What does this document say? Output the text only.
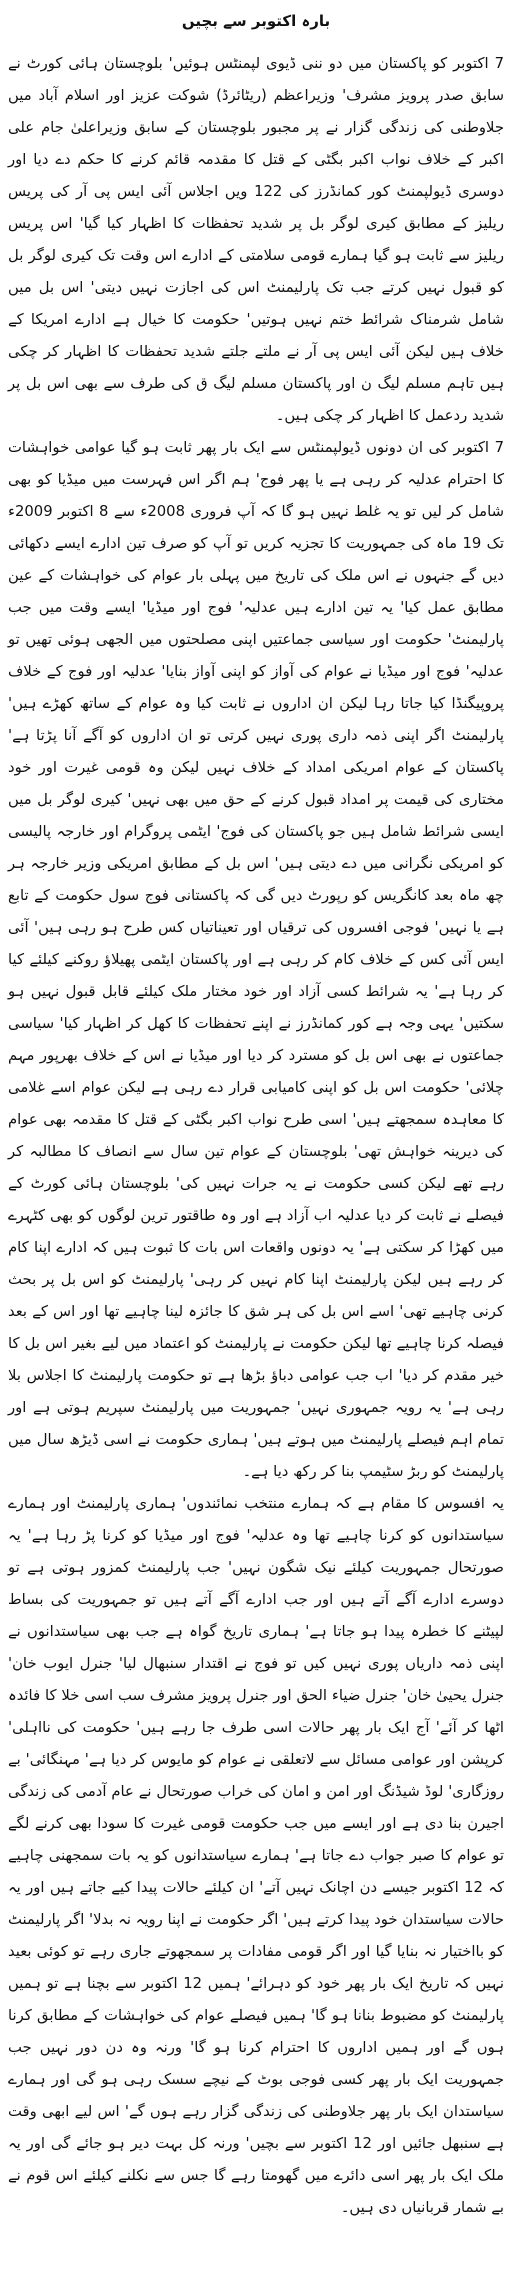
بارہ اکتوبر سے بچیں
7 اکتوبر کو پاکستان میں دو ننی ڈیوی لپمنٹس ہوئیں' بلوچستان ہائی کورٹ نے سابق صدر پرویز مشرف' وزیراعظم (ریٹائرڈ) شوکت عزیز اور اسلام آباد میں جلاوطنی کی زندگی گزار نے پر مجبور بلوچستان کے سابق وزیراعلیٰ جام علی اکبر کے خلاف نواب اکبر بگٹی کے قتل کا مقدمہ قائم کرنے کا حکم دے دیا اور دوسری ڈیولپمنٹ کور کمانڈرز کی 122 ویں اجلاس آئی ایس پی آر کی پریس ریلیز کے مطابق کیری لوگر بل پر شدید تحفظات کا اظہار کیا گیا' اس پریس ریلیز سے ثابت ہو گیا ہمارے قومی سلامتی کے ادارے اس وقت تک کیری لوگر بل کو قبول نہیں کرتے جب تک پارلیمنٹ اس کی اجازت نہیں دیتی' اس بل میں شامل شرمناک شرائط ختم نہیں ہوتیں' حکومت کا خیال ہے ادارے امریکا کے خلاف ہیں لیکن آئی ایس پی آر نے ملتے جلتے شدید تحفظات کا اظہار کر چکی ہیں تاہم مسلم لیگ ن اور پاکستان مسلم لیگ ق کی طرف سے بھی اس بل پر شدید ردعمل کا اظہار کر چکی ہیں۔
7 اکتوبر کی ان دونوں ڈیولپمنٹس سے ایک بار پھر ثابت ہو گیا عوامی خواہشات کا احترام عدلیہ کر رہی ہے یا پھر فوج' ہم اگر اس فہرست میں میڈیا کو بھی شامل کر لیں تو یہ غلط نہیں ہو گا کہ آپ فروری 2008ء سے 8 اکتوبر 2009ء تک 19 ماہ کی جمہوریت کا تجزیہ کریں تو آپ کو صرف تین ادارے ایسے دکھائی دیں گے جنہوں نے اس ملک کی تاریخ میں پہلی بار عوام کی خواہشات کے عین مطابق عمل کیا' یہ تین ادارے ہیں عدلیہ' فوج اور میڈیا' ایسے وقت میں جب پارلیمنٹ' حکومت اور سیاسی جماعتیں اپنی مصلحتوں میں الجھی ہوئی تھیں تو عدلیہ' فوج اور میڈیا نے عوام کی آواز کو اپنی آواز بنایا' عدلیہ اور فوج کے خلاف پروپیگنڈا کیا جاتا رہا لیکن ان اداروں نے ثابت کیا وہ عوام کے ساتھ کھڑے ہیں' پارلیمنٹ اگر اپنی ذمہ داری پوری نہیں کرتی تو ان اداروں کو آگے آنا پڑتا ہے' پاکستان کے عوام امریکی امداد کے خلاف نہیں لیکن وہ قومی غیرت اور خود مختاری کی قیمت پر امداد قبول کرنے کے حق میں بھی نہیں' کیری لوگر بل میں ایسی شرائط شامل ہیں جو پاکستان کی فوج' ایٹمی پروگرام اور خارجہ پالیسی کو امریکی نگرانی میں دے دیتی ہیں' اس بل کے مطابق امریکی وزیر خارجہ ہر چھ ماہ بعد کانگریس کو رپورٹ دیں گی کہ پاکستانی فوج سول حکومت کے تابع ہے یا نہیں' فوجی افسروں کی ترقیاں اور تعیناتیاں کس طرح ہو رہی ہیں' آئی ایس آئی کس کے خلاف کام کر رہی ہے اور پاکستان ایٹمی پھیلاؤ روکنے کیلئے کیا کر رہا ہے' یہ شرائط کسی آزاد اور خود مختار ملک کیلئے قابل قبول نہیں ہو سکتیں' یہی وجہ ہے کور کمانڈرز نے اپنے تحفظات کا کھل کر اظہار کیا' سیاسی جماعتوں نے بھی اس بل کو مسترد کر دیا اور میڈیا نے اس کے خلاف بھرپور مہم چلائی' حکومت اس بل کو اپنی کامیابی قرار دے رہی ہے لیکن عوام اسے غلامی کا معاہدہ سمجھتے ہیں' اسی طرح نواب اکبر بگٹی کے قتل کا مقدمہ بھی عوام کی دیرینہ خواہش تھی' بلوچستان کے عوام تین سال سے انصاف کا مطالبہ کر رہے تھے لیکن کسی حکومت نے یہ جرات نہیں کی' بلوچستان ہائی کورٹ کے فیصلے نے ثابت کر دیا عدلیہ اب آزاد ہے اور وہ طاقتور ترین لوگوں کو بھی کٹہرے میں کھڑا کر سکتی ہے' یہ دونوں واقعات اس بات کا ثبوت ہیں کہ ادارے اپنا کام کر رہے ہیں لیکن پارلیمنٹ اپنا کام نہیں کر رہی' پارلیمنٹ کو اس بل پر بحث کرنی چاہیے تھی' اسے اس بل کی ہر شق کا جائزہ لینا چاہیے تھا اور اس کے بعد فیصلہ کرنا چاہیے تھا لیکن حکومت نے پارلیمنٹ کو اعتماد میں لیے بغیر اس بل کا خیر مقدم کر دیا' اب جب عوامی دباؤ بڑھا ہے تو حکومت پارلیمنٹ کا اجلاس بلا رہی ہے' یہ رویہ جمہوری نہیں' جمہوریت میں پارلیمنٹ سپریم ہوتی ہے اور تمام اہم فیصلے پارلیمنٹ میں ہوتے ہیں' ہماری حکومت نے اسی ڈیڑھ سال میں پارلیمنٹ کو ربڑ سٹیمپ بنا کر رکھ دیا ہے۔
یہ افسوس کا مقام ہے کہ ہمارے منتخب نمائندوں' ہماری پارلیمنٹ اور ہمارے سیاستدانوں کو کرنا چاہیے تھا وہ عدلیہ' فوج اور میڈیا کو کرنا پڑ رہا ہے' یہ صورتحال جمہوریت کیلئے نیک شگون نہیں' جب پارلیمنٹ کمزور ہوتی ہے تو دوسرے ادارے آگے آتے ہیں اور جب ادارے آگے آتے ہیں تو جمہوریت کی بساط لپیٹنے کا خطرہ پیدا ہو جاتا ہے' ہماری تاریخ گواہ ہے جب بھی سیاستدانوں نے اپنی ذمہ داریاں پوری نہیں کیں تو فوج نے اقتدار سنبھال لیا' جنرل ایوب خان' جنرل یحییٰ خان' جنرل ضیاء الحق اور جنرل پرویز مشرف سب اسی خلا کا فائدہ اٹھا کر آئے' آج ایک بار پھر حالات اسی طرف جا رہے ہیں' حکومت کی نااہلی' کرپشن اور عوامی مسائل سے لاتعلقی نے عوام کو مایوس کر دیا ہے' مہنگائی' بے روزگاری' لوڈ شیڈنگ اور امن و امان کی خراب صورتحال نے عام آدمی کی زندگی اجیرن بنا دی ہے اور ایسے میں جب حکومت قومی غیرت کا سودا بھی کرنے لگے تو عوام کا صبر جواب دے جاتا ہے' ہمارے سیاستدانوں کو یہ بات سمجھنی چاہیے کہ 12 اکتوبر جیسے دن اچانک نہیں آتے' ان کیلئے حالات پیدا کیے جاتے ہیں اور یہ حالات سیاستدان خود پیدا کرتے ہیں' اگر حکومت نے اپنا رویہ نہ بدلا' اگر پارلیمنٹ کو بااختیار نہ بنایا گیا اور اگر قومی مفادات پر سمجھوتے جاری رہے تو کوئی بعید نہیں کہ تاریخ ایک بار پھر خود کو دہرائے' ہمیں 12 اکتوبر سے بچنا ہے تو ہمیں پارلیمنٹ کو مضبوط بنانا ہو گا' ہمیں فیصلے عوام کی خواہشات کے مطابق کرنا ہوں گے اور ہمیں اداروں کا احترام کرنا ہو گا' ورنہ وہ دن دور نہیں جب جمہوریت ایک بار پھر کسی فوجی بوٹ کے نیچے سسک رہی ہو گی اور ہمارے سیاستدان ایک بار پھر جلاوطنی کی زندگی گزار رہے ہوں گے' اس لیے ابھی وقت ہے سنبھل جائیں اور 12 اکتوبر سے بچیں' ورنہ کل بہت دیر ہو جائے گی اور یہ ملک ایک بار پھر اسی دائرے میں گھومتا رہے گا جس سے نکلنے کیلئے اس قوم نے بے شمار قربانیاں دی ہیں۔
